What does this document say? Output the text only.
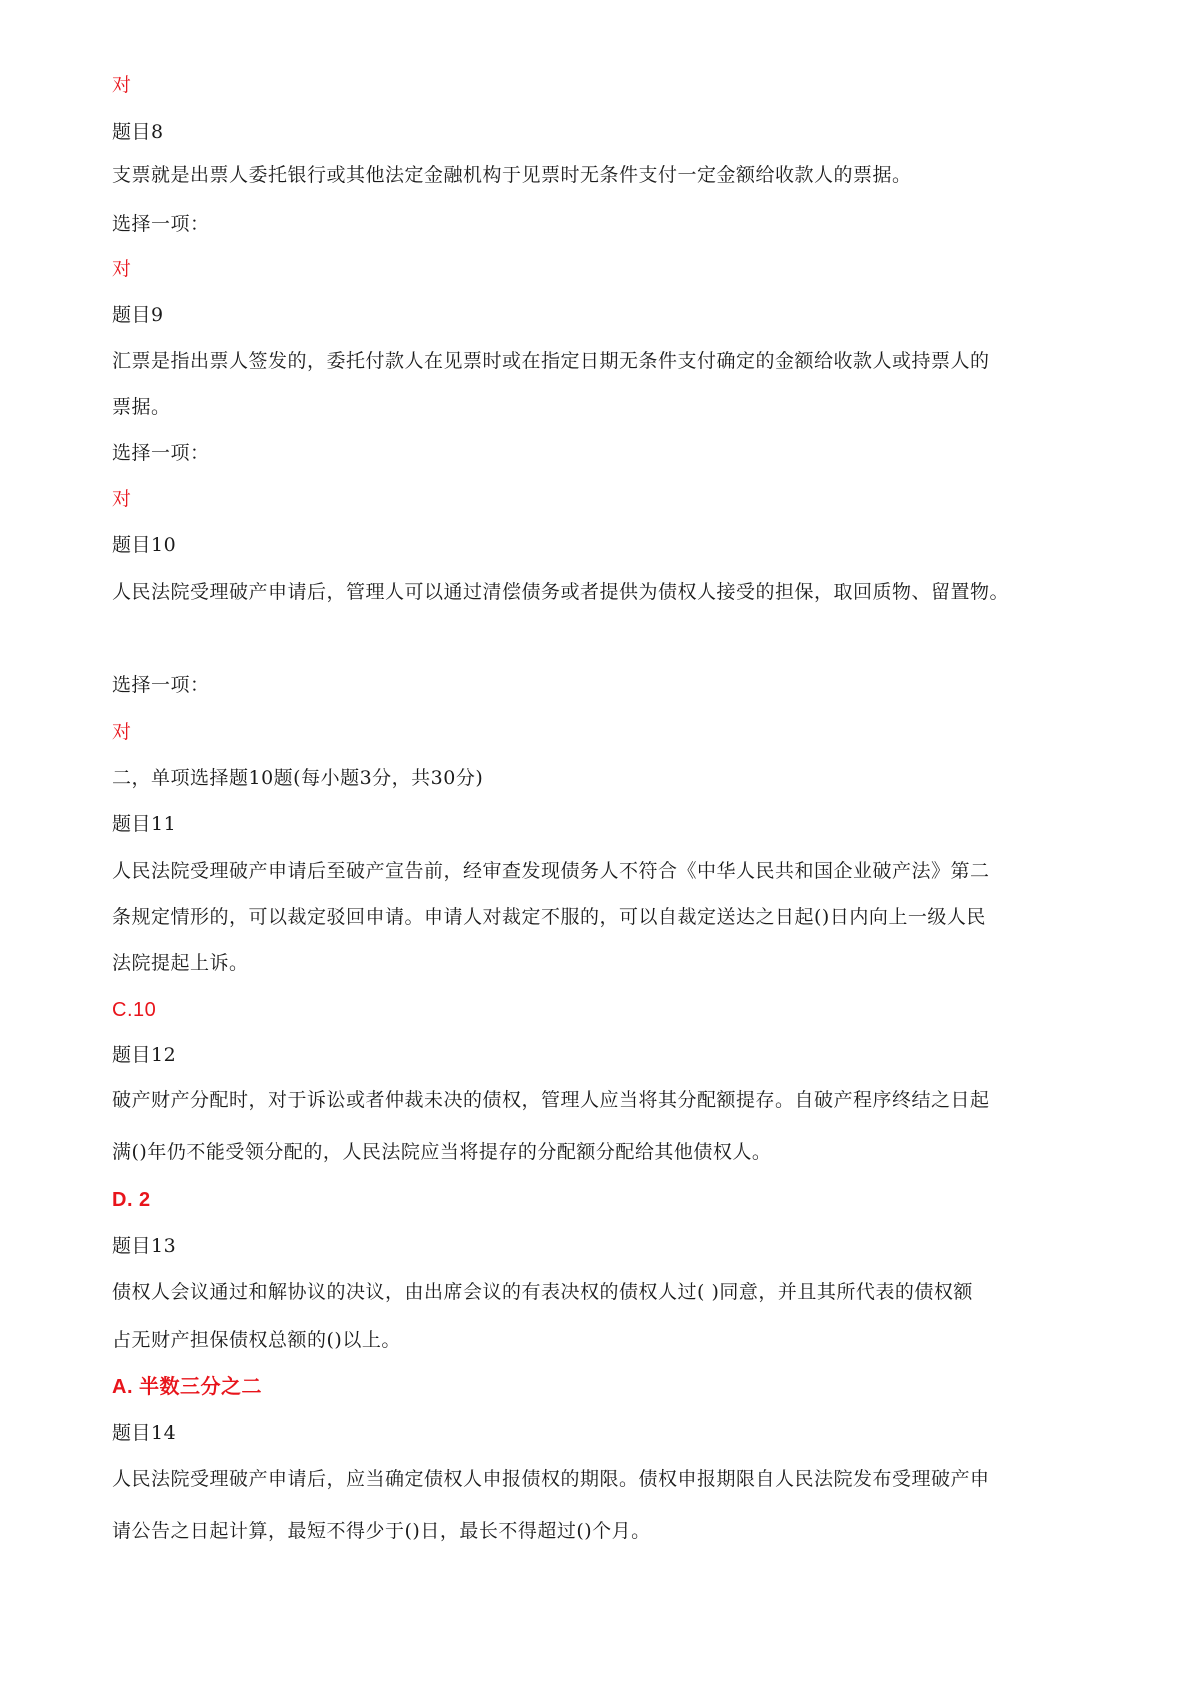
对
题目8
支票就是出票人委托银行或其他法定金融机构于见票时无条件支付一定金额给收款人的票据。
选择一项：
对
题目9
汇票是指出票人签发的，委托付款人在见票时或在指定日期无条件支付确定的金额给收款人或持票人的
票据。
选择一项：
对
题目10
人民法院受理破产申请后，管理人可以通过清偿债务或者提供为债权人接受的担保，取回质物、留置物。
选择一项：
对
二，单项选择题10题(每小题3分，共30分)
题目11
人民法院受理破产申请后至破产宣告前，经审查发现债务人不符合《中华人民共和国企业破产法》第二
条规定情形的，可以裁定驳回申请。申请人对裁定不服的，可以自裁定送达之日起()日内向上一级人民
法院提起上诉。
C.10
题目12
破产财产分配时，对于诉讼或者仲裁未决的债权，管理人应当将其分配额提存。自破产程序终结之日起
满()年仍不能受领分配的，人民法院应当将提存的分配额分配给其他债权人。
D. 2
题目13
债权人会议通过和解协议的决议，由出席会议的有表决权的债权人过( )同意，并且其所代表的债权额
占无财产担保债权总额的()以上。
A. 半数三分之二
题目14
人民法院受理破产申请后，应当确定债权人申报债权的期限。债权申报期限自人民法院发布受理破产申
请公告之日起计算，最短不得少于()日，最长不得超过()个月。
